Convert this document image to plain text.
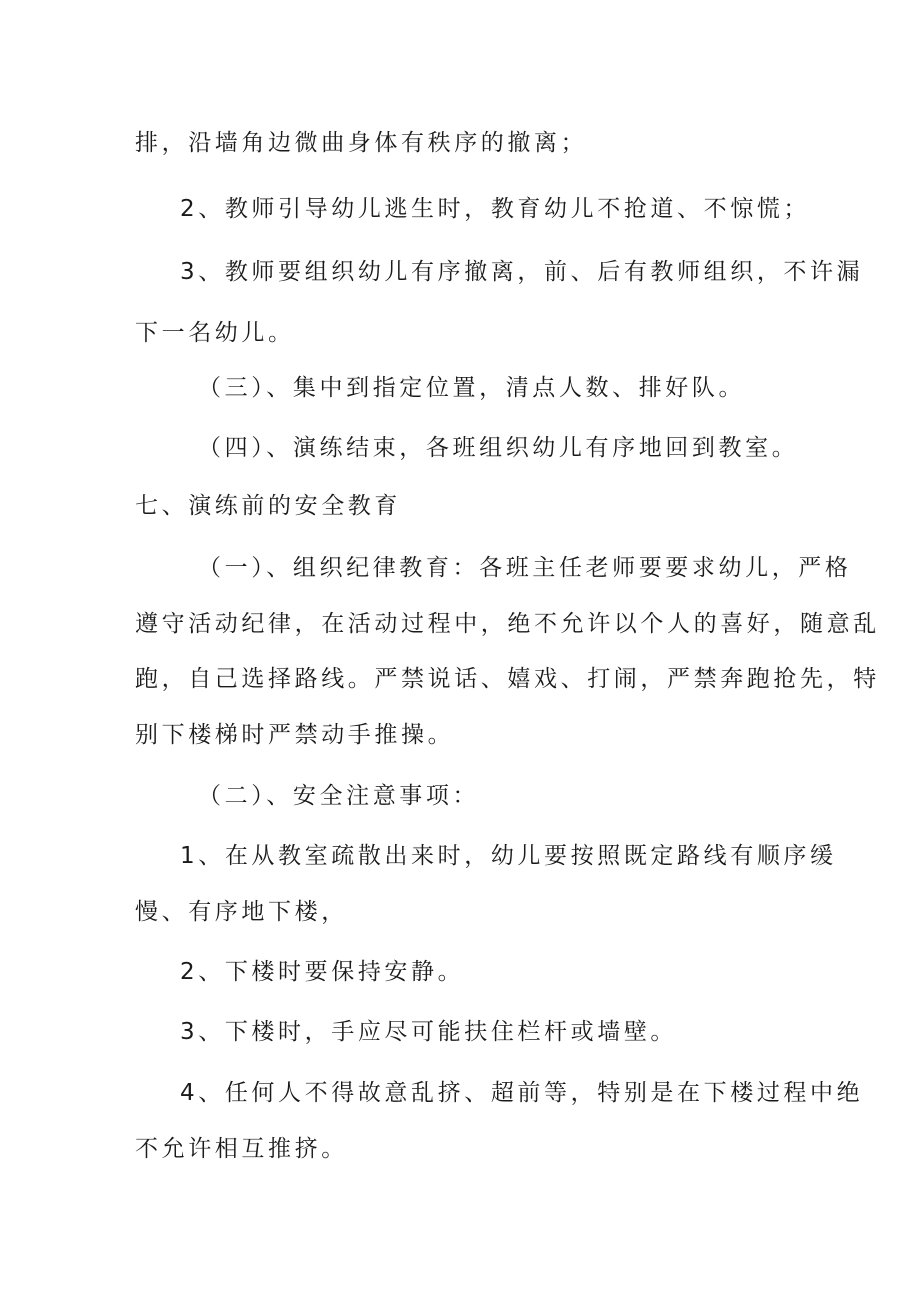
排，沿墙角边微曲身体有秩序的撤离；
2、教师引导幼儿逃生时，教育幼儿不抢道、不惊慌；
3、教师要组织幼儿有序撤离，前、后有教师组织，不许漏
下一名幼儿。
（三）、集中到指定位置，清点人数、排好队。
（四）、演练结束，各班组织幼儿有序地回到教室。
七、演练前的安全教育
（一）、组织纪律教育：各班主任老师要要求幼儿，严格
遵守活动纪律，在活动过程中，绝不允许以个人的喜好，随意乱
跑，自己选择路线。严禁说话、嬉戏、打闹，严禁奔跑抢先，特
别下楼梯时严禁动手推操。
（二）、安全注意事项：
1、在从教室疏散出来时，幼儿要按照既定路线有顺序缓
慢、有序地下楼，
2、下楼时要保持安静。
3、下楼时，手应尽可能扶住栏杆或墙壁。
4、任何人不得故意乱挤、超前等，特别是在下楼过程中绝
不允许相互推挤。
